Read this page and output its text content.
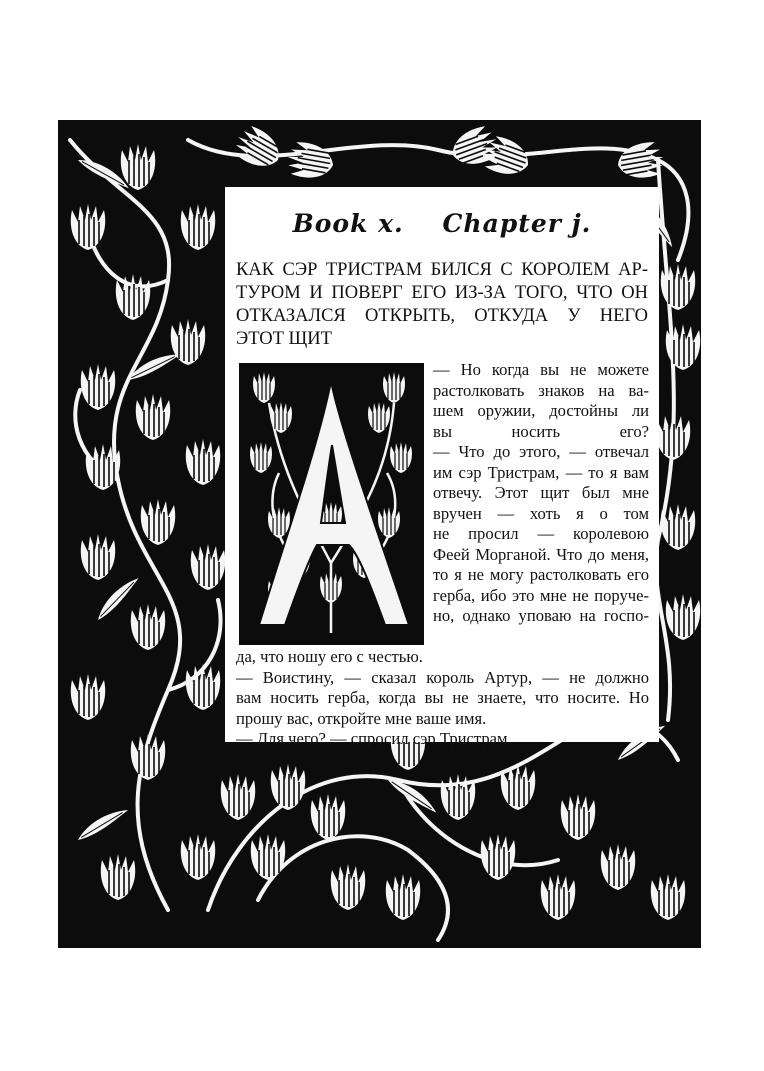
Book x.    Chapter j.
КАК СЭР ТРИСТРАМ БИЛСЯ С КОРОЛЕМ АР-
ТУРОМ И ПОВЕРГ ЕГО ИЗ-ЗА ТОГО, ЧТО ОН
ОТКАЗАЛСЯ ОТКРЫТЬ, ОТКУДА У НЕГО
ЭТОТ ЩИТ
— Но когда вы не можете
растолковать знаков на ва-
шем оружии, достойны ли
вы носить его?
— Что до этого, — отвечал
им сэр Тристрам, — то я вам
отвечу. Этот щит был мне
вручен — хоть я о том
не просил — королевою
Феей Морганой. Что до меня,
то я не могу растолковать его
герба, ибо это мне не поруче-
но, однако уповаю на госпо-
да, что ношу его с честью.
— Воистину, — сказал король Артур, — не должно
вам носить герба, когда вы не знаете, что носите. Но
прошу вас, откройте мне ваше имя.
— Для чего? — спросил сэр Тристрам.
